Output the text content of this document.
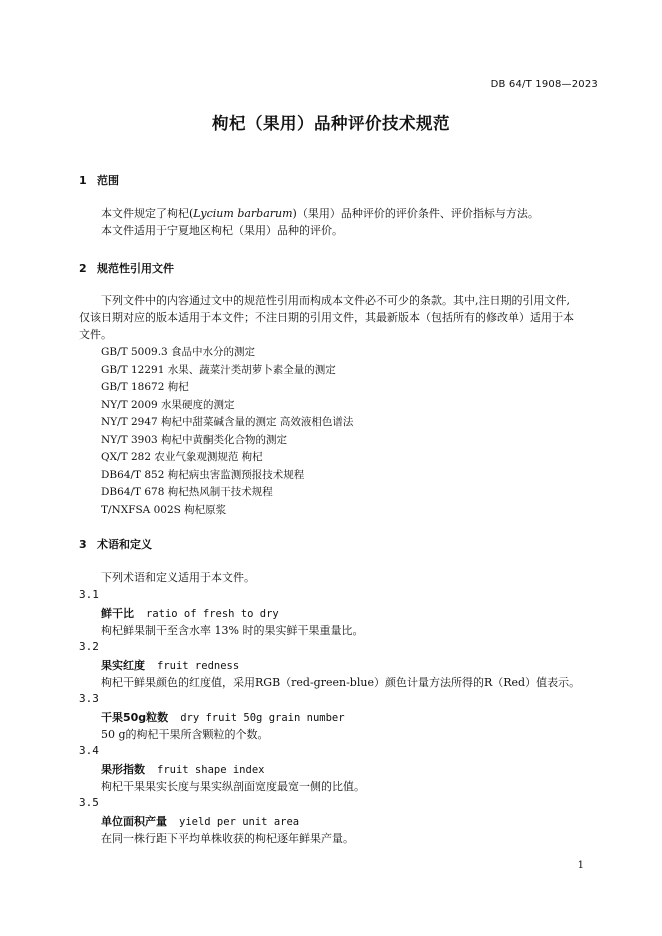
DB 64/T 1908—2023
枸杞（果用）品种评价技术规范
1 范围
本文件规定了枸杞(Lycium barbarum)（果用）品种评价的评价条件、评价指标与方法。
本文件适用于宁夏地区枸杞（果用）品种的评价。
2 规范性引用文件
下列文件中的内容通过文中的规范性引用而构成本文件必不可少的条款。其中,注日期的引用文件,
仅该日期对应的版本适用于本文件；不注日期的引用文件，其最新版本（包括所有的修改单）适用于本
文件。
GB/T 5009.3 食品中水分的测定
GB/T 12291 水果、蔬菜汁类胡萝卜素全量的测定
GB/T 18672 枸杞
NY/T 2009 水果硬度的测定
NY/T 2947 枸杞中甜菜碱含量的测定 高效液相色谱法
NY/T 3903 枸杞中黄酮类化合物的测定
QX/T 282 农业气象观测规范 枸杞
DB64/T 852 枸杞病虫害监测预报技术规程
DB64/T 678 枸杞热风制干技术规程
T/NXFSA 002S 枸杞原浆
3 术语和定义
下列术语和定义适用于本文件。
3.1
鲜干比 ratio of fresh to dry
枸杞鲜果制干至含水率 13% 时的果实鲜干果重量比。
3.2
果实红度 fruit redness
枸杞干鲜果颜色的红度值，采用RGB（red-green-blue）颜色计量方法所得的R（Red）值表示。
3.3
干果50g粒数 dry fruit 50g grain number
50 g的枸杞干果所含颗粒的个数。
3.4
果形指数 fruit shape index
枸杞干果果实长度与果实纵剖面宽度最宽一侧的比值。
3.5
单位面积产量 yield per unit area
在同一株行距下平均单株收获的枸杞逐年鲜果产量。
1
